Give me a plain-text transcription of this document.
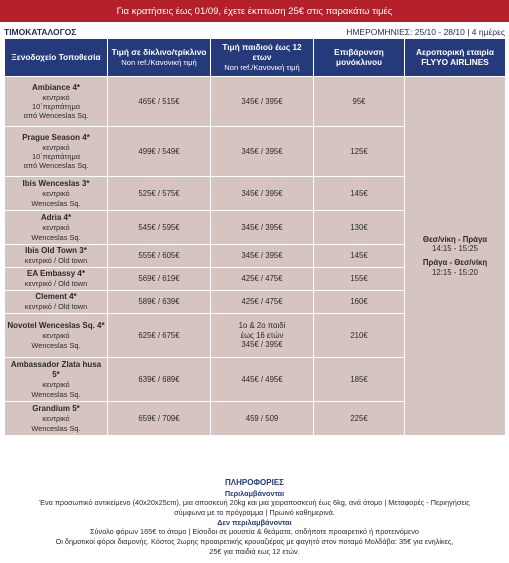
Για κρατήσεις έως 01/09, έχετε έκπτωση 25€ στις παρακάτω τιμές
ΤΙΜΟΚΑΤΑΛΟΓΟΣ	ΗΜΕΡΟΜΗΝΙΕΣ: 25/10 - 28/10 | 4 ημέρες
Ξενοδοχείο Τοποθεσία	Τιμή σε δίκλινο/τρίκλινο
Non ref./Κανονική τιμή	Τιμή παιδιού έως 12 ετων
Non ref./Κανονική τιμή	Επιβάρυνση μονόκλινου	Αεροπορική εταιρία FLYYO AIRLINES

Ambiance 4*
κεντρικό
10΄περπάτημα
από Wenceslas Sq.	465€ / 515€	345€ / 395€	95€	Θεσ/νίκη - Πράγα
14:15 - 15:25
Πράγα - Θεσ/νίκη
12:15 - 15:20

Prague Season 4*
κεντρικό
10΄περπάτημα
από Wenceslas Sq.	499€ / 549€	345€ / 395€	125€	

Ibis Wenceslas 3*
κεντρικό
Wenceslas Sq.	525€ / 575€	345€ / 395€	145€	

Adria 4*
κεντρικό
Wenceslas Sq.	545€ / 595€	345€ / 395€	130€	

Ibis Old Town 3*
κεντρικό / Old town	555€ / 605€	345€ / 395€	145€	

EA Embassy 4*
κεντρικό / Old town	569€ / 619€	425€ / 475€	155€	

Clement 4*
κεντρικό / Old town	589€ / 639€	425€ / 475€	160€	

Novotel Wenceslas Sq. 4*
κεντρικό
Wenceslas Sq.	625€ / 675€	1ο & 2ο παιδί
έως 16 ετών
345€ / 395€	210€	

Ambassador Zlata husa 5*
κεντρικό
Wenceslas Sq.	639€ / 689€	445€ / 495€	185€	

Grandium 5*
κεντρικό
Wenceslas Sq.	659€ / 709€	459 / 509	225€	
ΠΛΗΡΟΦΟΡΙΕΣ
Περιλαμβάνονται
Ένα προσωπικό αντικείμενο (40x20x25cm), μια αποσκευή 20kg και μια χειραποσκευή έως 6kg, ανά άτομο | Μεταφορές - Περιηγήσεις
σύμφωνα με το πρόγραμμα | Πρωινό καθημερινά.
Δεν περιλαμβάνονται
Σύνολο φόρων 165€ το άτομο | Είσοδοι σε μουσεία & θεάματα, οτιδήποτε προαιρετικό ή προτεινόμενο
Οι δημοτικοί φόροι διαμονής. Κόστος 2ωρης προαιρετικής κρουαζιέρας με φαγητό στον ποταμό Μολδάβα: 35€ για ενηλίκες,
25€ για παιδιά εως 12 ετών.
